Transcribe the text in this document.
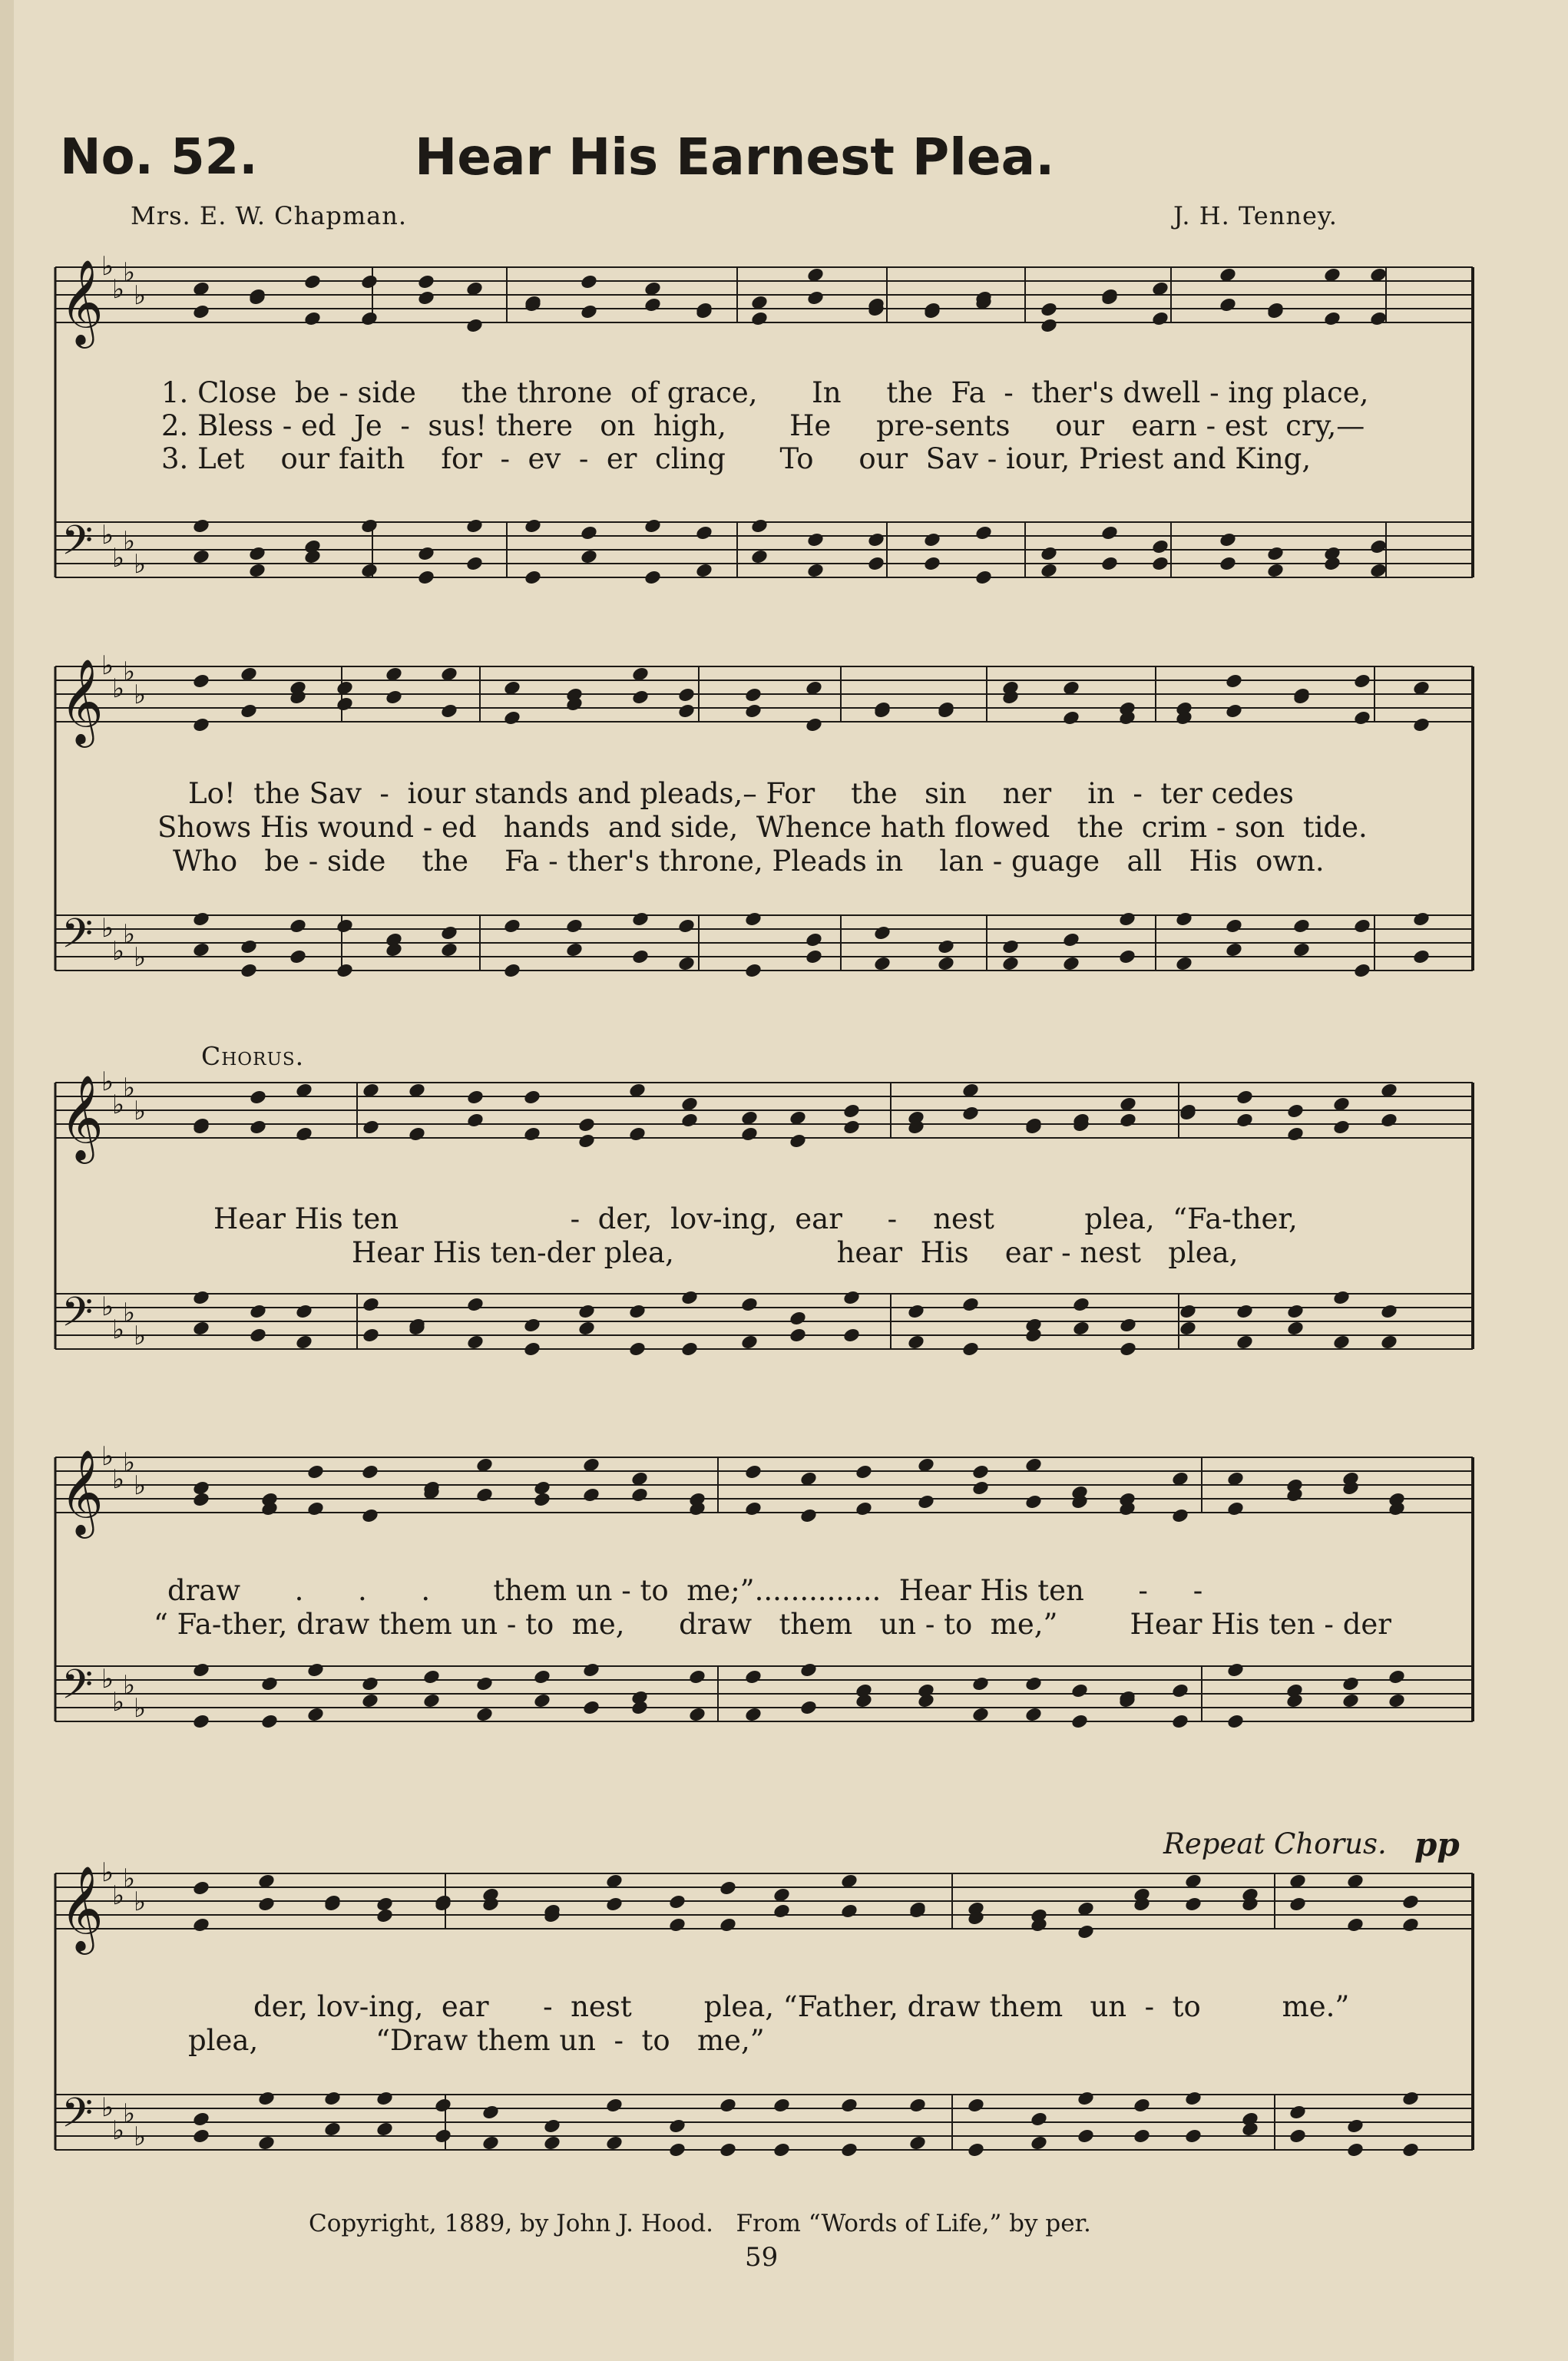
No. 52.	Hear His Earnest Plea.
Mrs. E. W. Chapman.	J. H. Tenney.
𝄞
𝄢
♭
♭
♭
♭
♭
♭
♭
♭
𝄞
𝄢
♭
♭
♭
♭
♭
♭
♭
♭
𝄞
𝄢
♭
♭
♭
♭
♭
♭
♭
♭
𝄞
𝄢
♭
♭
♭
♭
♭
♭
♭
♭
𝄞
𝄢
♭
♭
♭
♭
♭
♭
♭
♭
1. Close  be - side     the throne  of grace,      In     the  Fa  -  ther's dwell - ing place,
2. Bless - ed  Je  -  sus! there   on  high,       He     pre-sents     our   earn - est  cry,—
3. Let    our faith    for  -  ev  -  er  cling      To     our  Sav - iour, Priest and King,
Lo!  the Sav  -  iour stands and pleads,– For    the   sin    ner    in  -  ter cedes
Shows His wound - ed   hands  and side,  Whence hath flowed   the  crim - son  tide.
Who   be - side    the    Fa - ther's throne, Pleads in    lan - guage   all   His  own.
Chorus.
Hear His ten                   -  der,  lov-ing,  ear     -    nest          plea,  “Fa-ther,
Hear His ten-der plea,                  hear  His    ear - nest   plea,
draw      .      .      .       them un - to  me;”..............  Hear His ten      -     -
“ Fa-ther, draw them un - to  me,      draw   them   un - to  me,”        Hear His ten - der
Repeat Chorus. pp
der, lov-ing,  ear      -  nest        plea, “Father, draw them   un  -  to         me.”
plea,             “Draw them un  -  to   me,”
Copyright, 1889, by John J. Hood.   From “Words of Life,” by per.
59
